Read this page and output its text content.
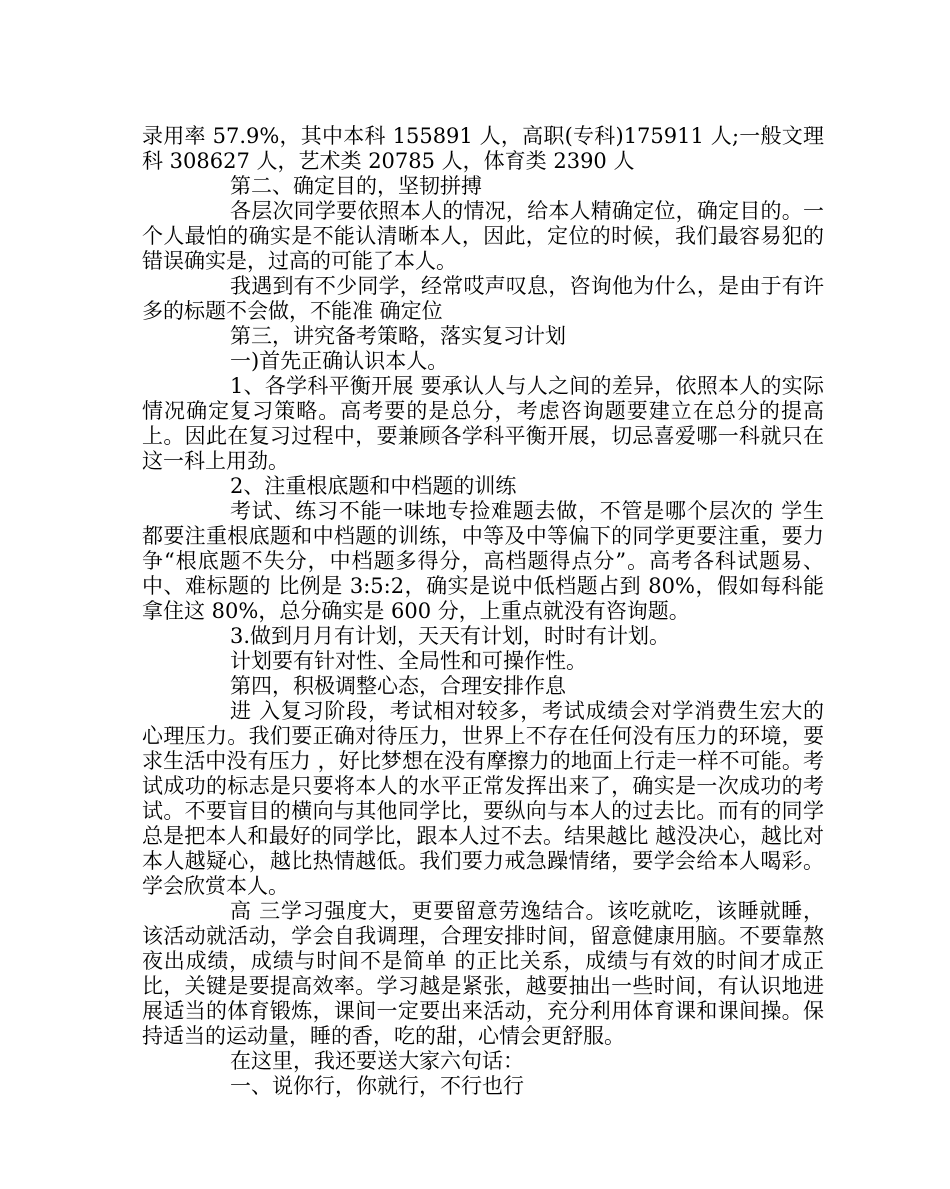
录用率 57.9%，其中本科 155891 人，高职(专科)175911 人;一般文理科 308627 人，艺术类 20785 人，体育类 2390 人

第二、确定目的，坚韧拼搏

各层次同学要依照本人的情况，给本人精确定位，确定目的。一个人最怕的确实是不能认清晰本人，因此，定位的时候，我们最容易犯的错误确实是，过高的可能了本人。

我遇到有不少同学，经常哎声叹息，咨询他为什么，是由于有许多的标题不会做，不能准 确定位

第三，讲究备考策略，落实复习计划

一)首先正确认识本人。

1、各学科平衡开展 要承认人与人之间的差异，依照本人的实际情况确定复习策略。高考要的是总分，考虑咨询题要建立在总分的提高上。因此在复习过程中，要兼顾各学科平衡开展，切忌喜爱哪一科就只在这一科上用劲。

2、注重根底题和中档题的训练

考试、练习不能一味地专捡难题去做，不管是哪个层次的 学生都要注重根底题和中档题的训练，中等及中等偏下的同学更要注重，要力争“根底题不失分，中档题多得分，高档题得点分”。高考各科试题易、中、难标题的 比例是 3:5:2，确实是说中低档题占到 80%，假如每科能拿住这 80%，总分确实是 600 分，上重点就没有咨询题。

3.做到月月有计划，天天有计划，时时有计划。

计划要有针对性、全局性和可操作性。

第四，积极调整心态，合理安排作息

进 入复习阶段，考试相对较多，考试成绩会对学消费生宏大的心理压力。我们要正确对待压力，世界上不存在任何没有压力的环境，要求生活中没有压力 ，好比梦想在没有摩擦力的地面上行走一样不可能。考试成功的标志是只要将本人的水平正常发挥出来了，确实是一次成功的考试。不要盲目的横向与其他同学比，要纵向与本人的过去比。而有的同学总是把本人和最好的同学比，跟本人过不去。结果越比 越没决心，越比对本人越疑心，越比热情越低。我们要力戒急躁情绪，要学会给本人喝彩。学会欣赏本人。

高 三学习强度大，更要留意劳逸结合。该吃就吃，该睡就睡，该活动就活动，学会自我调理，合理安排时间，留意健康用脑。不要靠熬夜出成绩，成绩与时间不是简单 的正比关系，成绩与有效的时间才成正比，关键是要提高效率。学习越是紧张，越要抽出一些时间，有认识地进展适当的体育锻炼，课间一定要出来活动，充分利用体育课和课间操。保持适当的运动量，睡的香，吃的甜，心情会更舒服。

在这里，我还要送大家六句话：

一、说你行，你就行，不行也行
